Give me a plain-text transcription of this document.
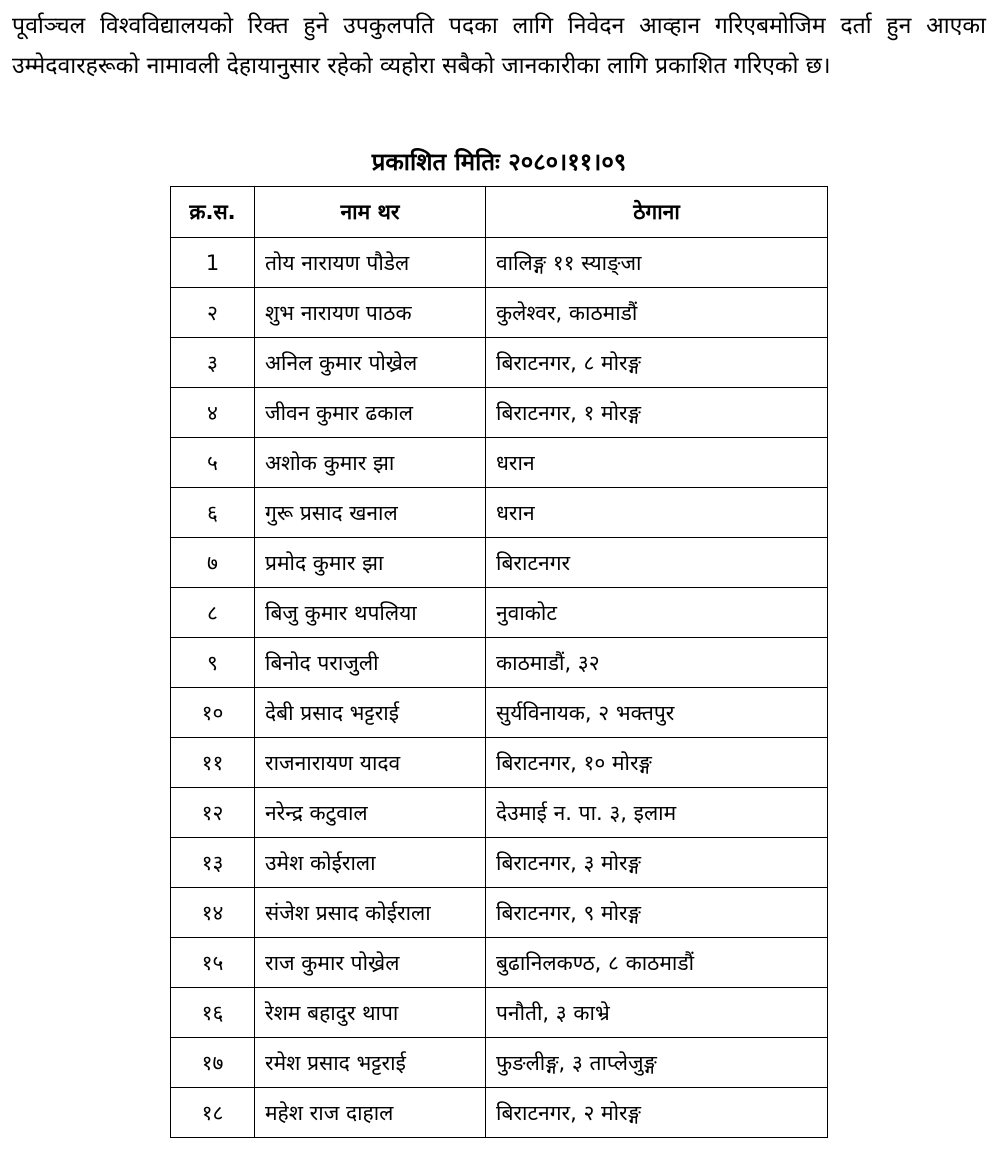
पूर्वाञ्चल विश्वविद्यालयको रिक्त हुने उपकुलपति पदका लागि निवेदन आव्हान गरिएबमोजिम दर्ता हुन आएका उम्मेदवारहरूको नामावली देहायानुसार रहेको व्यहोरा सबैको जानकारीका लागि प्रकाशित गरिएको छ।

प्रकाशित मितिः २०८०।११।०९

क्र.स.	नाम थर	ठेगाना
1	तोय नारायण पौडेल	वालिङ्ग ११ स्याङ्जा
२	शुभ नारायण पाठक	कुलेश्वर, काठमाडौं
३	अनिल कुमार पोख्रेल	बिराटनगर, ८ मोरङ्ग
४	जीवन कुमार ढकाल	बिराटनगर, १ मोरङ्ग
५	अशोक कुमार झा	धरान
६	गुरू प्रसाद खनाल	धरान
७	प्रमोद कुमार झा	बिराटनगर
८	बिजु कुमार थपलिया	नुवाकोट
९	बिनोद पराजुली	काठमाडौं, ३२
१०	देबी प्रसाद भट्टराई	सुर्यविनायक, २ भक्तपुर
११	राजनारायण यादव	बिराटनगर, १० मोरङ्ग
१२	नरेन्द्र कटुवाल	देउमाई न. पा. ३, इलाम
१३	उमेश कोईराला	बिराटनगर, ३ मोरङ्ग
१४	संजेश प्रसाद कोईराला	बिराटनगर, ९ मोरङ्ग
१५	राज कुमार पोख्रेल	बुढानिलकण्ठ, ८ काठमाडौं
१६	रेशम बहादुर थापा	पनौती, ३ काभ्रे
१७	रमेश प्रसाद भट्टराई	फुङलीङ्ग, ३ ताप्लेजुङ्ग
१८	महेश राज दाहाल	बिराटनगर, २ मोरङ्ग
